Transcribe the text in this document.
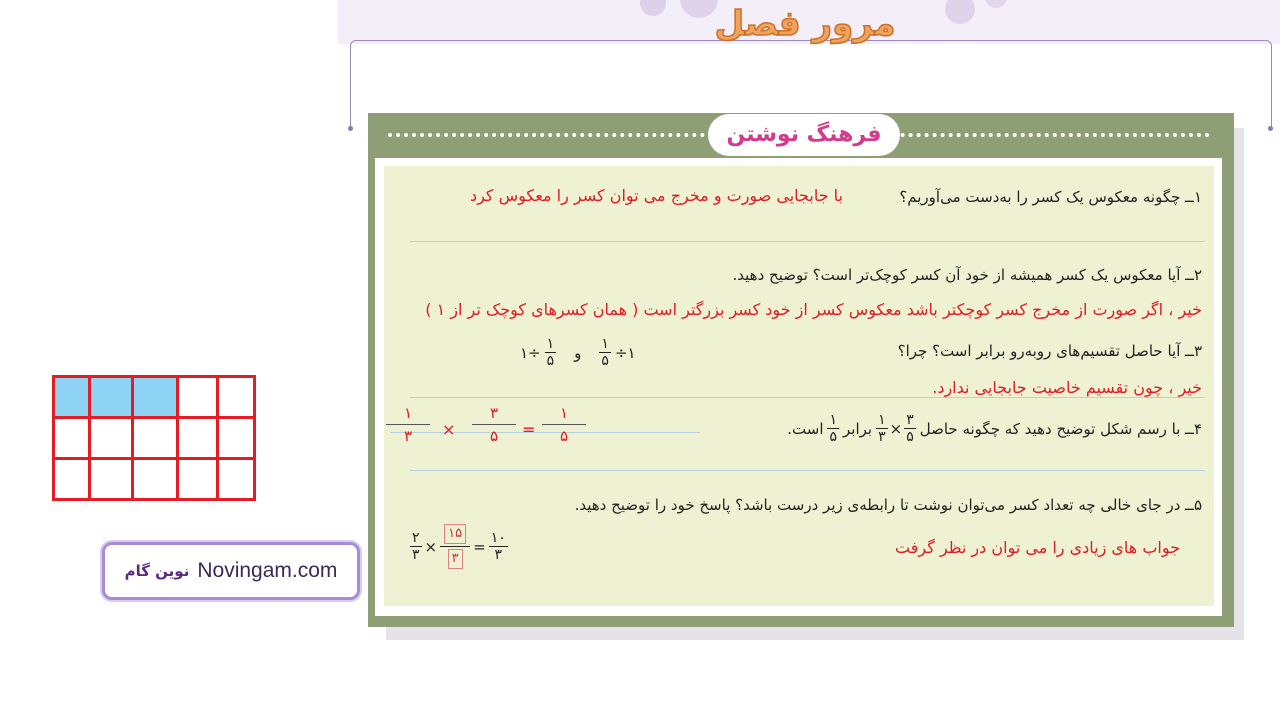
مرور فصل
فرهنگ نوشتن
۱ــ چگونه معکوس یک کسر را به‌دست می‌آوریم؟
با جابجایی صورت و مخرج می توان کسر را معکوس کرد
۲ــ آیا معکوس یک کسر همیشه از خود آن کسر کوچک‌تر است؟ توضیح دهید.
خیر ، اگر صورت از مخرج کسر کوچکتر باشد معکوس کسر از خود کسر بزرگتر است ( همان کسرهای کوچک تر از ۱ )
۳ــ آیا حاصل تقسیم‌های روبه‌رو برابر است؟ چرا؟
۱÷ $\frac{۱}{۵}$ و $\frac{۱}{۵}$ ÷۱
خیر ، چون تقسیم خاصیت جابجایی ندارد.
۴ــ با رسم شکل توضیح دهید که چگونه حاصل
$\frac{۱}{۳} \times \frac{۳}{۵}$
برابر
$\frac{۱}{۵}$
است.
۱
۳	×
۳
۵	=
۱
۵
۵ــ در جای خالی چه تعداد کسر می‌توان نوشت تا رابطه‌ی زیر درست باشد؟ پاسخ خود را توضیح دهید.
$\frac{۲}{۳} \times \frac{۱۵}{۳} = \frac{۱۰}{۳}$	جواب های زیادی را می توان در نظر گرفت

نوین گام Novingam.com
